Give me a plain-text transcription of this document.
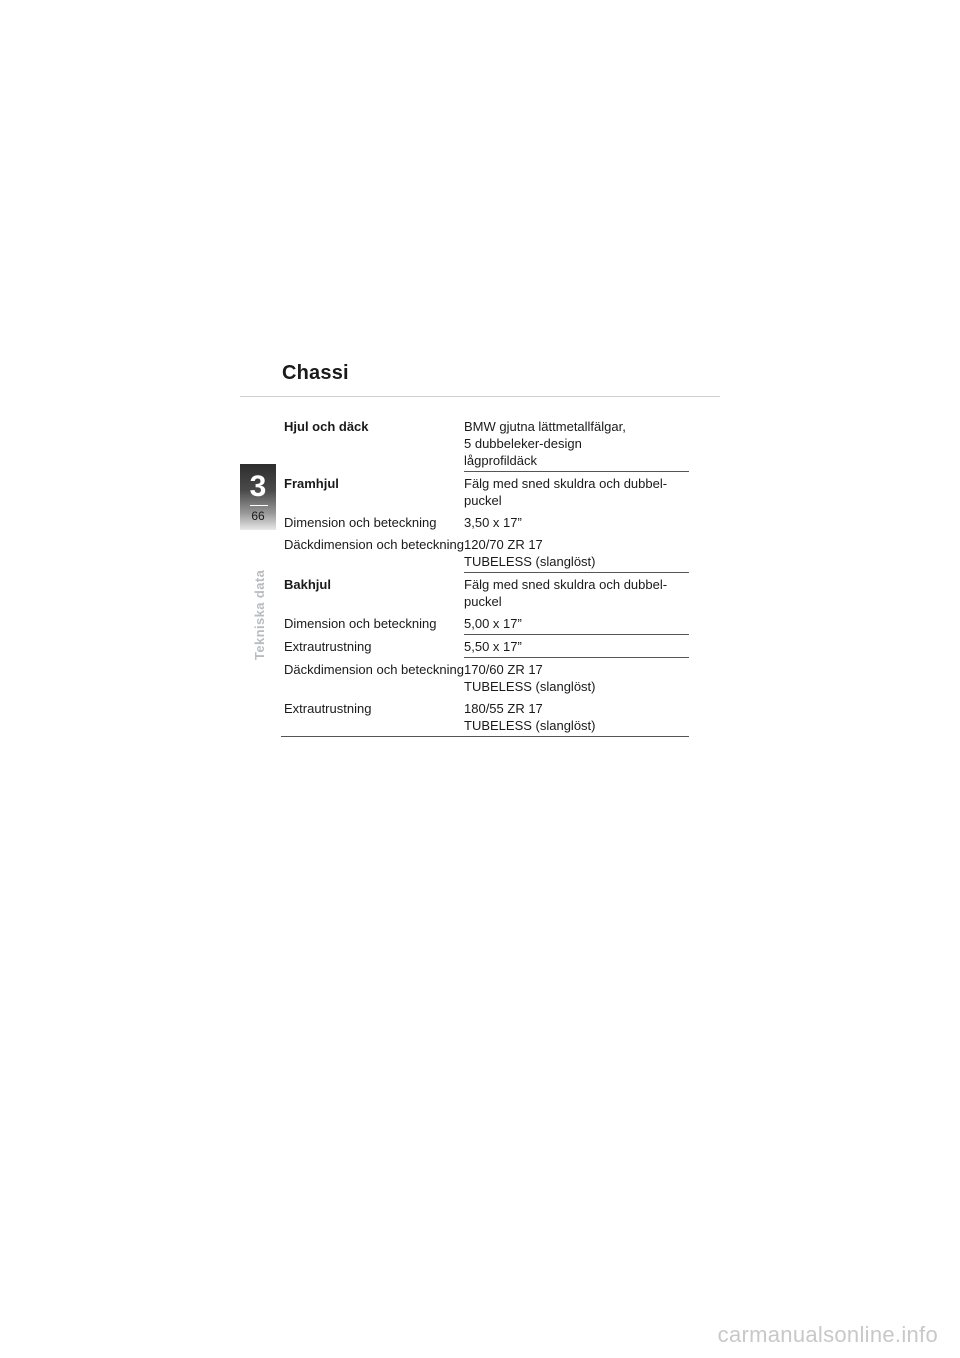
Chassi
3
66
Tekniska data
Hjul och däck	BMW gjutna lättmetallfälgar,
5 dubbeleker-design
lågprofildäck

Framhjul	Fälg med sned skuldra och dubbel-
puckel

Dimension och beteckning	3,50 x 17”

Däckdimension och beteckning	120/70 ZR 17
TUBELESS (slanglöst)

Bakhjul	Fälg med sned skuldra och dubbel-
puckel

Dimension och beteckning	5,00 x 17”

Extrautrustning	5,50 x 17”

Däckdimension och beteckning	170/60 ZR 17
TUBELESS (slanglöst)

Extrautrustning	180/55 ZR 17
TUBELESS (slanglöst)
carmanualsonline.info
